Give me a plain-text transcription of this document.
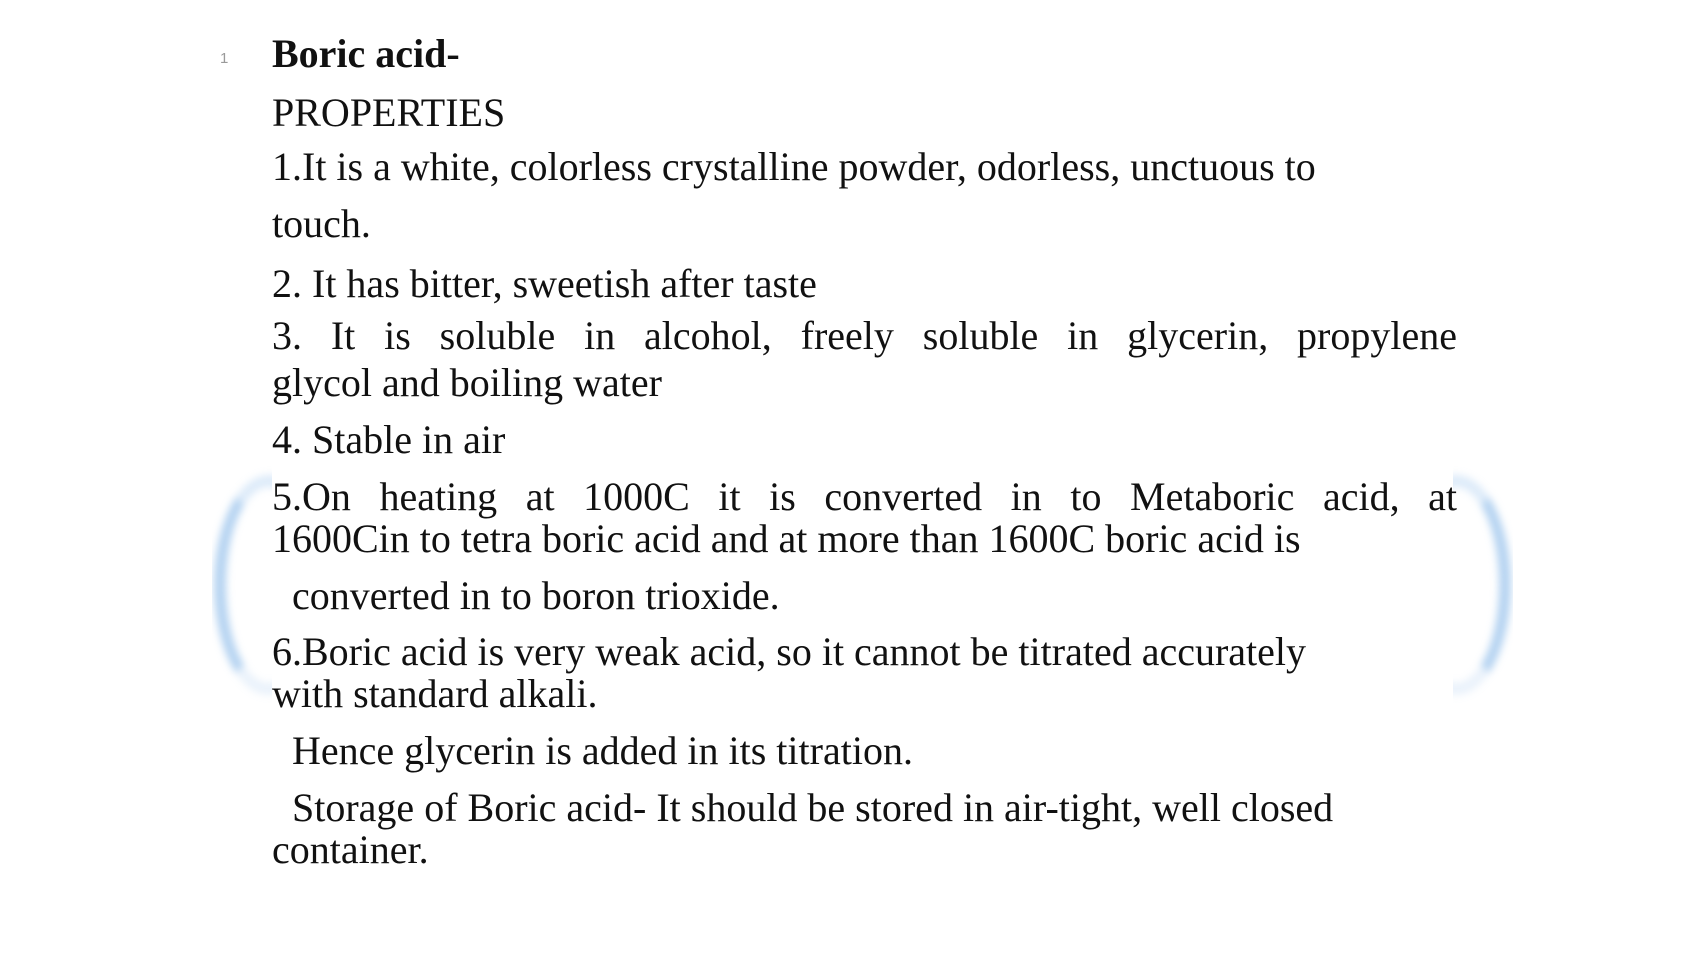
1 Boric acid-
PROPERTIES
1.It is a white, colorless crystalline powder, odorless, unctuous to
touch.
2. It has bitter, sweetish after taste
3. It is soluble in alcohol, freely soluble in glycerin, propylene
glycol and boiling water
4. Stable in air
5.On heating at 1000C it is converted in to Metaboric acid, at
1600Cin to tetra boric acid and at more than 1600C boric acid is
converted in to boron trioxide.
6.Boric acid is very weak acid, so it cannot be titrated accurately
with standard alkali.
Hence glycerin is added in its titration.
Storage of Boric acid- It should be stored in air-tight, well closed
container.
